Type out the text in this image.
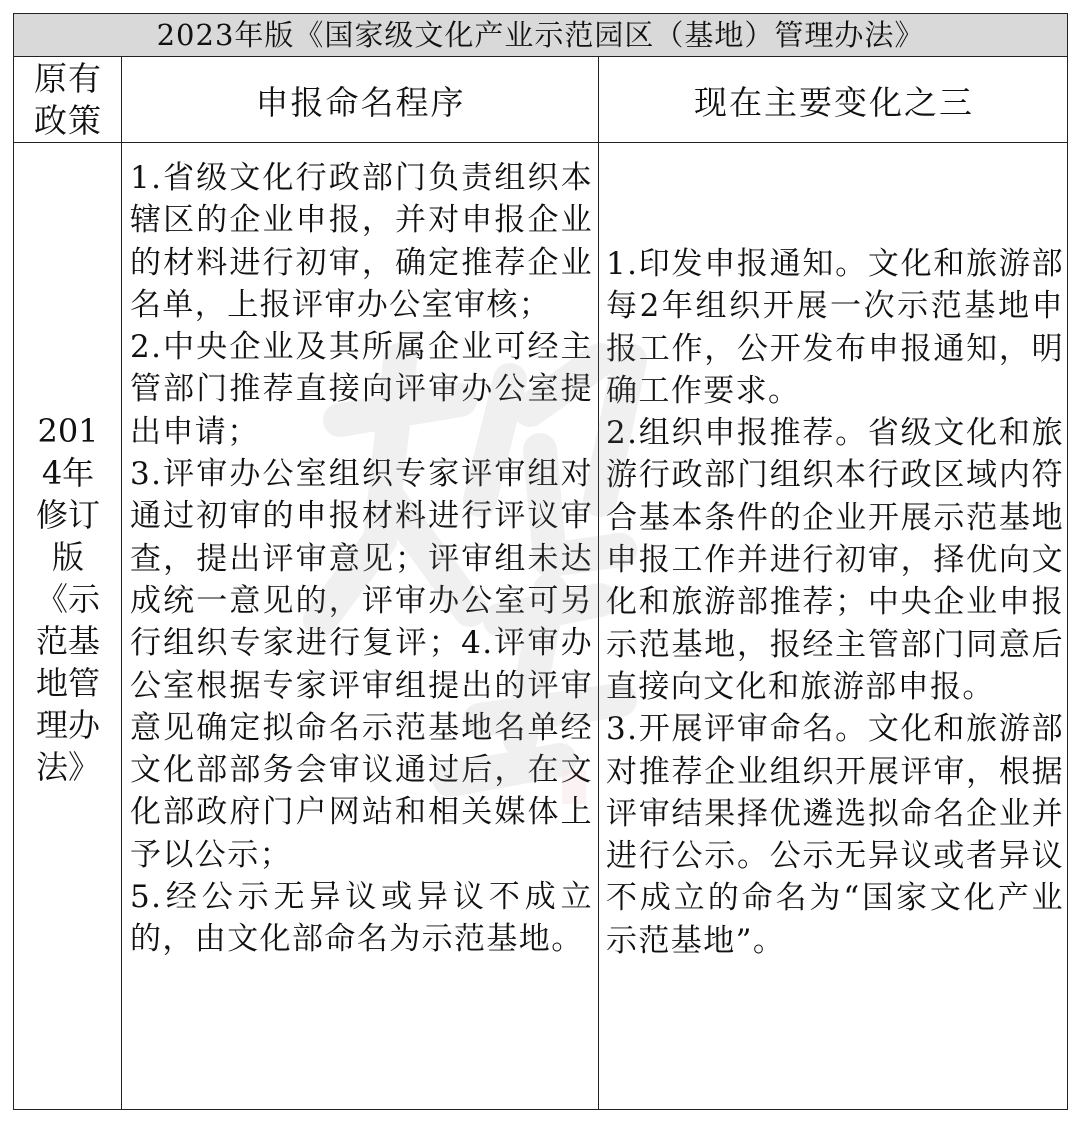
2023年版《国家级文化产业示范园区（基地）管理办法》
原有
政策	申报命名程序	现在主要变化之三
2014年修订版《示范基地管理办法》

1.省级文化行政部门负责组织本辖区的企业申报，并对申报企业的材料进行初审，确定推荐企业名单，上报评审办公室审核；

2.中央企业及其所属企业可经主管部门推荐直接向评审办公室提出申请；

3.评审办公室组织专家评审组对通过初审的申报材料进行评议审查，提出评审意见；评审组未达成统一意见的，评审办公室可另行组织专家进行复评；4.评审办公室根据专家评审组提出的评审意见确定拟命名示范基地名单经文化部部务会审议通过后，在文化部政府门户网站和相关媒体上予以公示；

5.经公示无异议或异议不成立的，由文化部命名为示范基地。

1.印发申报通知。文化和旅游部每2年组织开展一次示范基地申报工作，公开发布申报通知，明确工作要求。

2.组织申报推荐。省级文化和旅游行政部门组织本行政区域内符合基本条件的企业开展示范基地申报工作并进行初审，择优向文化和旅游部推荐；中央企业申报示范基地，报经主管部门同意后直接向文化和旅游部申报。

3.开展评审命名。文化和旅游部对推荐企业组织开展评审，根据评审结果择优遴选拟命名企业并进行公示。公示无异议或者异议不成立的命名为“国家文化产业示范基地”。
